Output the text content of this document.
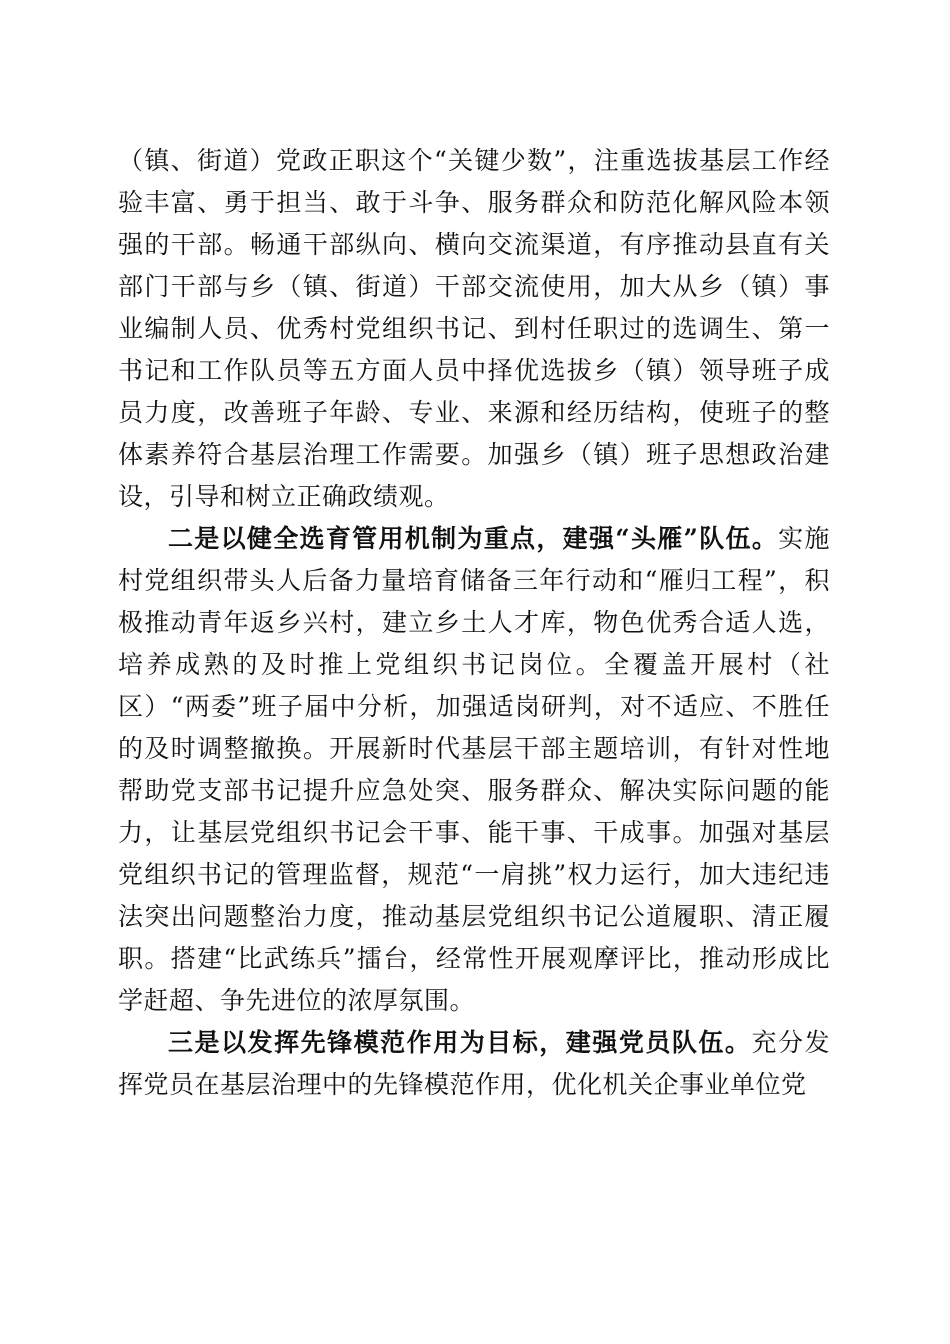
（镇、街道）党政正职这个“关键少数”，注重选拔基层工作经验丰富、勇于担当、敢于斗争、服务群众和防范化解风险本领强的干部。畅通干部纵向、横向交流渠道，有序推动县直有关部门干部与乡（镇、街道）干部交流使用，加大从乡（镇）事业编制人员、优秀村党组织书记、到村任职过的选调生、第一书记和工作队员等五方面人员中择优选拔乡（镇）领导班子成员力度，改善班子年龄、专业、来源和经历结构，使班子的整体素养符合基层治理工作需要。加强乡（镇）班子思想政治建设，引导和树立正确政绩观。

二是以健全选育管用机制为重点，建强“头雁”队伍。实施村党组织带头人后备力量培育储备三年行动和“雁归工程”，积极推动青年返乡兴村，建立乡土人才库，物色优秀合适人选，培养成熟的及时推上党组织书记岗位。全覆盖开展村（社区）“两委”班子届中分析，加强适岗研判，对不适应、不胜任的及时调整撤换。开展新时代基层干部主题培训，有针对性地帮助党支部书记提升应急处突、服务群众、解决实际问题的能力，让基层党组织书记会干事、能干事、干成事。加强对基层党组织书记的管理监督，规范“一肩挑”权力运行，加大违纪违法突出问题整治力度，推动基层党组织书记公道履职、清正履职。搭建“比武练兵”擂台，经常性开展观摩评比，推动形成比学赶超、争先进位的浓厚氛围。

三是以发挥先锋模范作用为目标，建强党员队伍。充分发挥党员在基层治理中的先锋模范作用，优化机关企事业单位党
